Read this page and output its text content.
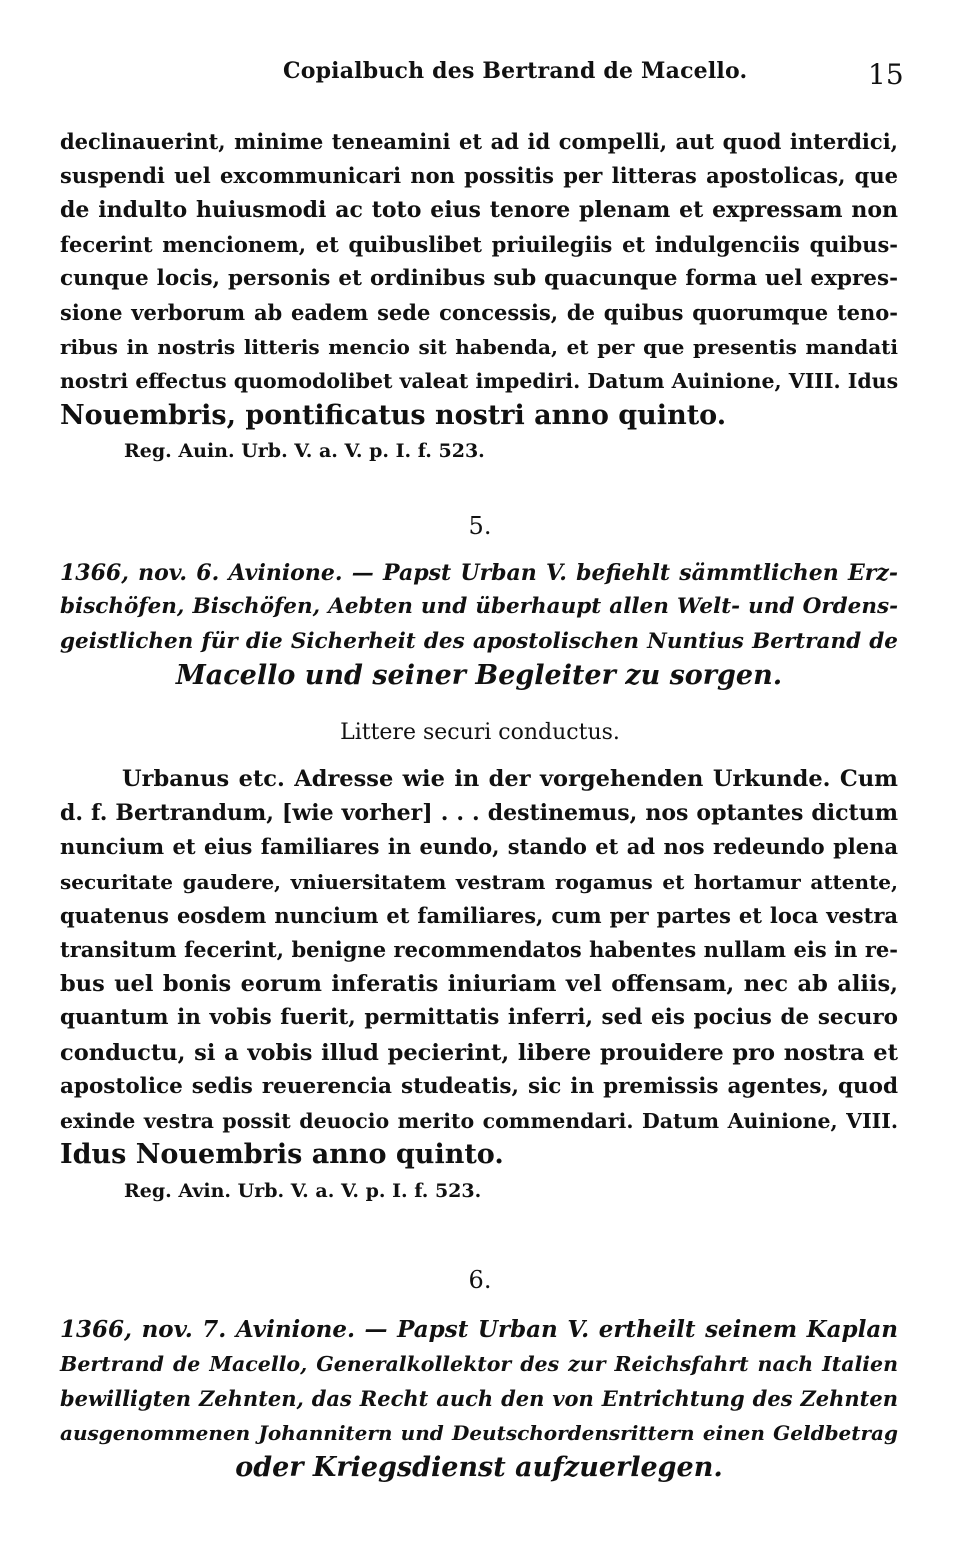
Copialbuch des Bertrand de Macello.	15
declinauerint, minime teneamini et ad id compelli, aut quod interdici,
suspendi uel excommunicari non possitis per litteras apostolicas, que
de indulto huiusmodi ac toto eius tenore plenam et expressam non
fecerint mencionem, et quibuslibet priuilegiis et indulgenciis quibus-
cunque locis, personis et ordinibus sub quacunque forma uel expres-
sione verborum ab eadem sede concessis, de quibus quorumque teno-
ribus in nostris litteris mencio sit habenda, et per que presentis mandati
nostri effectus quomodolibet valeat impediri. Datum Auinione, VIII. Idus
Nouembris, pontificatus nostri anno quinto.
Reg. Auin. Urb. V. a. V. p. I. f. 523.
5.
1366, nov. 6. Avinione. — Papst Urban V. befiehlt sämmtlichen Erz-
bischöfen, Bischöfen, Aebten und überhaupt allen Welt- und Ordens-
geistlichen für die Sicherheit des apostolischen Nuntius Bertrand de
Macello und seiner Begleiter zu sorgen.
Littere securi conductus.
Urbanus etc. Adresse wie in der vorgehenden Urkunde. Cum
d. f. Bertrandum, [wie vorher] . . . destinemus, nos optantes dictum
nuncium et eius familiares in eundo, stando et ad nos redeundo plena
securitate gaudere, vniuersitatem vestram rogamus et hortamur attente,
quatenus eosdem nuncium et familiares, cum per partes et loca vestra
transitum fecerint, benigne recommendatos habentes nullam eis in re-
bus uel bonis eorum inferatis iniuriam vel offensam, nec ab aliis,
quantum in vobis fuerit, permittatis inferri, sed eis pocius de securo
conductu, si a vobis illud pecierint, libere prouidere pro nostra et
apostolice sedis reuerencia studeatis, sic in premissis agentes, quod
exinde vestra possit deuocio merito commendari. Datum Auinione, VIII.
Idus Nouembris anno quinto.
Reg. Avin. Urb. V. a. V. p. I. f. 523.
6.
1366, nov. 7. Avinione. — Papst Urban V. ertheilt seinem Kaplan
Bertrand de Macello, Generalkollektor des zur Reichsfahrt nach Italien
bewilligten Zehnten, das Recht auch den von Entrichtung des Zehnten
ausgenommenen Johannitern und Deutschordensrittern einen Geldbetrag
oder Kriegsdienst aufzuerlegen.
